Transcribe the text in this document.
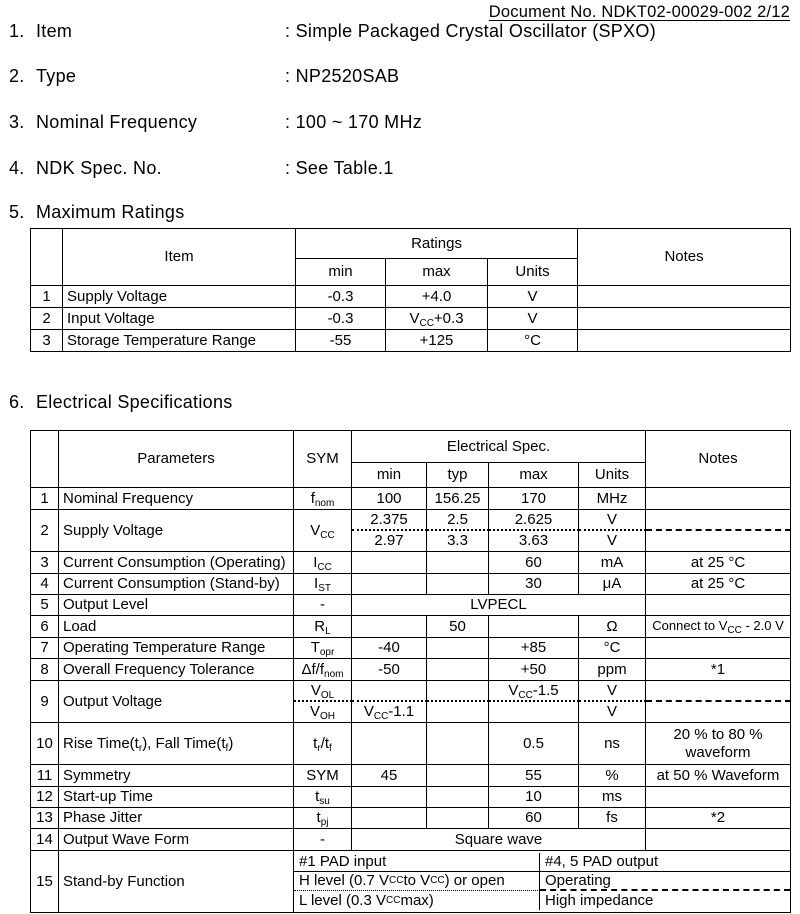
Document No. NDKT02-00029-002 2/12
1. Item	: Simple Packaged Crystal Oscillator (SPXO)
2. Type	: NP2520SAB
3. Nominal Frequency	: 100 ~ 170 MHz
4. NDK Spec. No.	: See Table.1
5. Maximum Ratings
	Item	Ratings			Notes
		min	max	Units	
1	Supply Voltage	-0.3	+4.0	V	
2	Input Voltage	-0.3	$V_{CC}+0.3$	V	
3	Storage Temperature Range	-55	+125	°C	
6. Electrical Specifications
	Parameters	SYM	Electrical Spec.				Notes
			min	typ	max	Units	
1	Nominal Frequency	$f_{nom}$	100	156.25	170	MHz	
2	Supply Voltage	$V_{CC}$	2.375	2.5	2.625	V	
			2.97	3.3	3.63	V	
3	Current Consumption (Operating)	$I_{CC}$			60	mA	at 25 °C
4	Current Consumption (Stand-by)	$I_{ST}$			30	μA	at 25 °C
5	Output Level	-	LVPECL				
6	Load	$R_L$		50		Ω	Connect to $V_{CC} - 2.0$ V
7	Operating Temperature Range	$T_{opr}$	-40		+85	°C	
8	Overall Frequency Tolerance	$\Delta f/f_{nom}$	-50		+50	ppm	*1
9	Output Voltage	$V_{OL}$			$V_{CC}-1.5$	V	
		$V_{OH}$	$V_{CC}-1.1$			V	
10	Rise $Time(t_r)$, Fall $Time(t_f)$	$t_r/t_f$			0.5	ns	20 % to 80 % waveform
11	Symmetry	SYM	45		55	%	at 50 % Waveform
12	Start-up Time	$t_{su}$			10	ms	
13	Phase Jitter	$t_{pj}$			60	fs	*2
14	Output Wave Form	-	Square wave				
15	Stand-by Function	
#1 PAD input	#4, 5 PAD output
H level (0.7 V CC to V CC ) or open	Operating
L level (0.3 V CC max)	High impedance
